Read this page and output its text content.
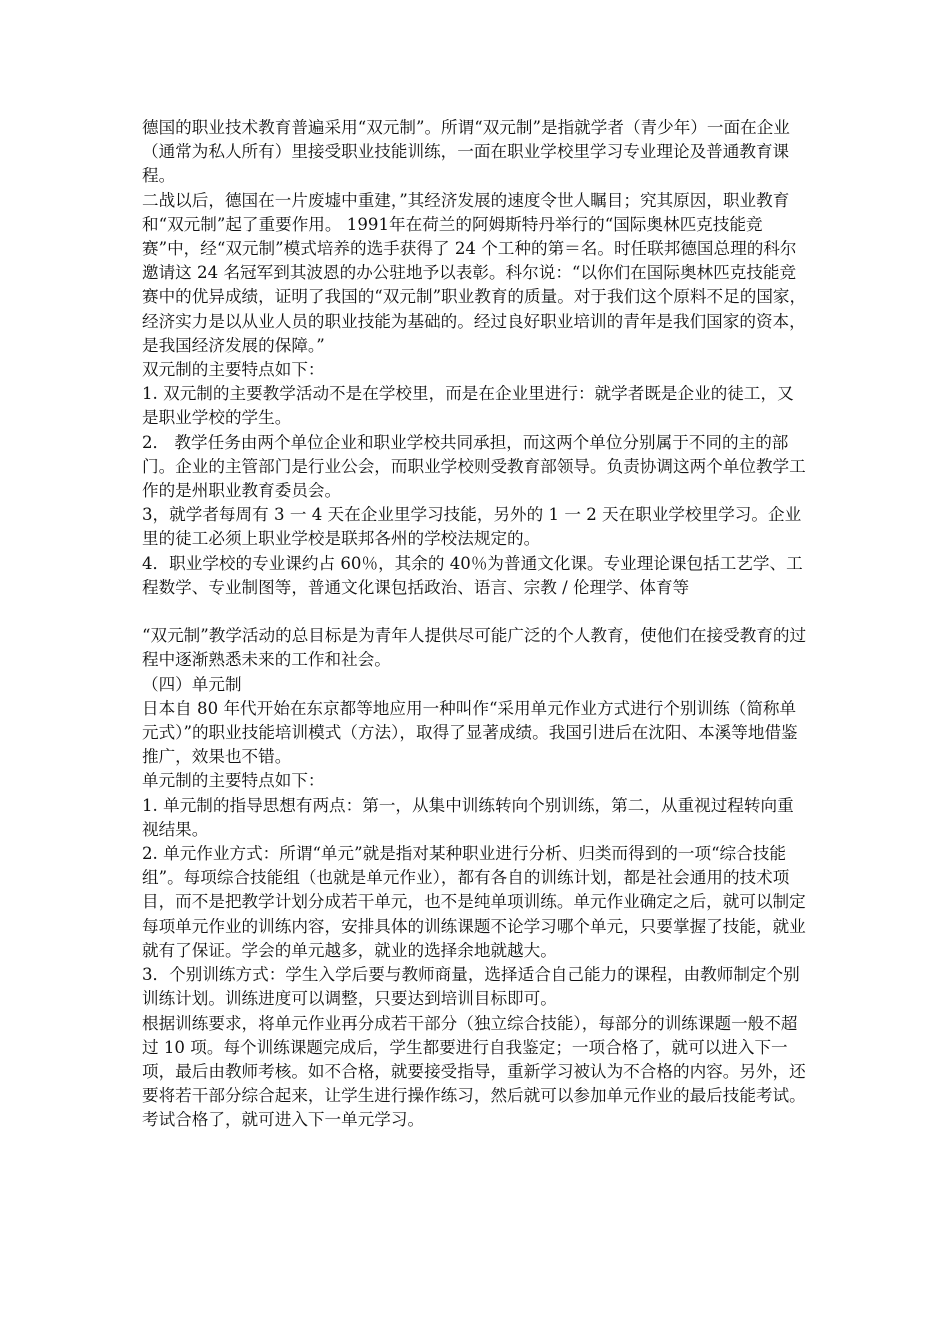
德国的职业技术教育普遍采用“双元制”。所谓“双元制”是指就学者（青少年）一面在企业（通常为私人所有）里接受职业技能训练，一面在职业学校里学习专业理论及普通教育课程。

二战以后，德国在一片废墟中重建，”其经济发展的速度令世人瞩目；究其原因，职业教育和“双元制”起了重要作用。 1991年在荷兰的阿姆斯特丹举行的“国际奥林匹克技能竞赛”中，经“双元制”模式培养的选手获得了 24 个工种的第＝名。时任联邦德国总理的科尔邀请这 24 名冠军到其波恩的办公驻地予以表彰。科尔说：“以你们在国际奥林匹克技能竞赛中的优异成绩，证明了我国的“双元制”职业教育的质量。对于我们这个原料不足的国家，经济实力是以从业人员的职业技能为基础的。经过良好职业培训的青年是我们国家的资本，是我国经济发展的保障。”

双元制的主要特点如下：

1. 双元制的主要教学活动不是在学校里，而是在企业里进行：就学者既是企业的徒工，又是职业学校的学生。

2． 教学任务由两个单位企业和职业学校共同承担，而这两个单位分别属于不同的主的部门。企业的主管部门是行业公会，而职业学校则受教育部领导。负责协调这两个单位教学工作的是州职业教育委员会。

3，就学者每周有 3 一 4 天在企业里学习技能，另外的 1 一 2 天在职业学校里学习。企业里的徒工必须上职业学校是联邦各州的学校法规定的。

4．职业学校的专业课约占 60％，其余的 40％为普通文化课。专业理论课包括工艺学、工程数学、专业制图等，普通文化课包括政治、语言、宗教 / 伦理学、体育等

“双元制”教学活动的总目标是为青年人提供尽可能广泛的个人教育，使他们在接受教育的过程中逐渐熟悉未来的工作和社会。

（四）单元制

日本自 80 年代开始在东京都等地应用一种叫作“采用单元作业方式进行个别训练（简称单元式）”的职业技能培训模式（方法），取得了显著成绩。我国引进后在沈阳、本溪等地借鉴推广，效果也不错。

单元制的主要特点如下：

1. 单元制的指导思想有两点：第一，从集中训练转向个别训练，第二，从重视过程转向重视结果。

2. 单元作业方式：所谓“单元”就是指对某种职业进行分析、归类而得到的一项“综合技能组”。每项综合技能组（也就是单元作业），都有各自的训练计划，都是社会通用的技术项目，而不是把教学计划分成若干单元，也不是纯单项训练。单元作业确定之后，就可以制定每项单元作业的训练内容，安排具体的训练课题不论学习哪个单元，只要掌握了技能，就业就有了保证。学会的单元越多，就业的选择余地就越大。

3．个别训练方式：学生入学后要与教师商量，选择适合自己能力的课程，由教师制定个别训练计划。训练进度可以调整，只要达到培训目标即可。

根据训练要求，将单元作业再分成若干部分（独立综合技能），每部分的训练课题一般不超过 10 项。每个训练课题完成后，学生都要进行自我鉴定；一项合格了，就可以进入下一项，最后由教师考核。如不合格，就要接受指导，重新学习被认为不合格的内容。另外，还要将若干部分综合起来，让学生进行操作练习，然后就可以参加单元作业的最后技能考试。考试合格了，就可进入下一单元学习。
